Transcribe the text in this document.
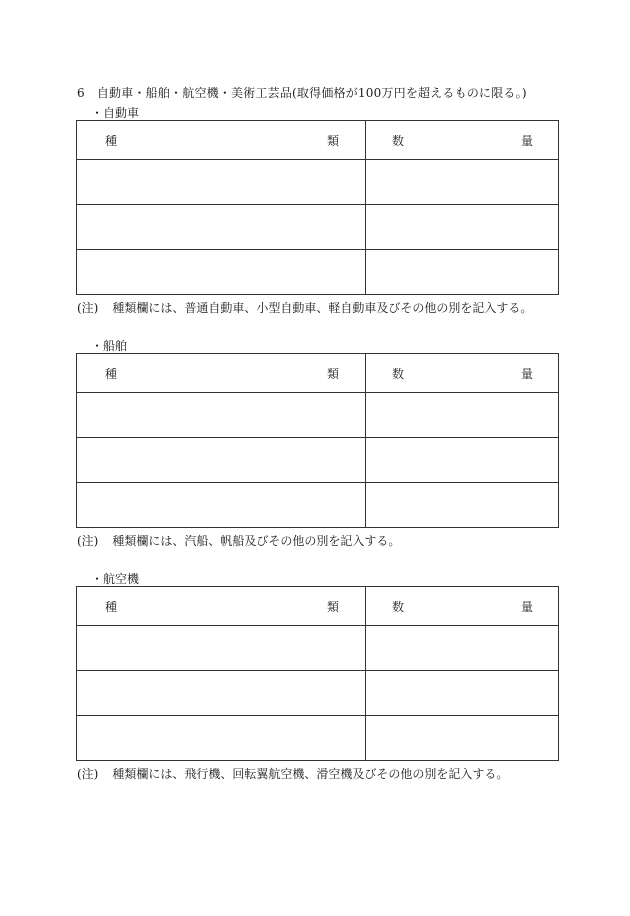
6 自動車・船舶・航空機・美術工芸品(取得価格が100万円を超えるものに限る。)
・自動車
種 類	数 量

(注) 種類欄には、普通自動車、小型自動車、軽自動車及びその他の別を記入する。
・船舶
種 類	数 量

(注) 種類欄には、汽船、帆船及びその他の別を記入する。
・航空機
種 類	数 量

(注) 種類欄には、飛行機、回転翼航空機、滑空機及びその他の別を記入する。
